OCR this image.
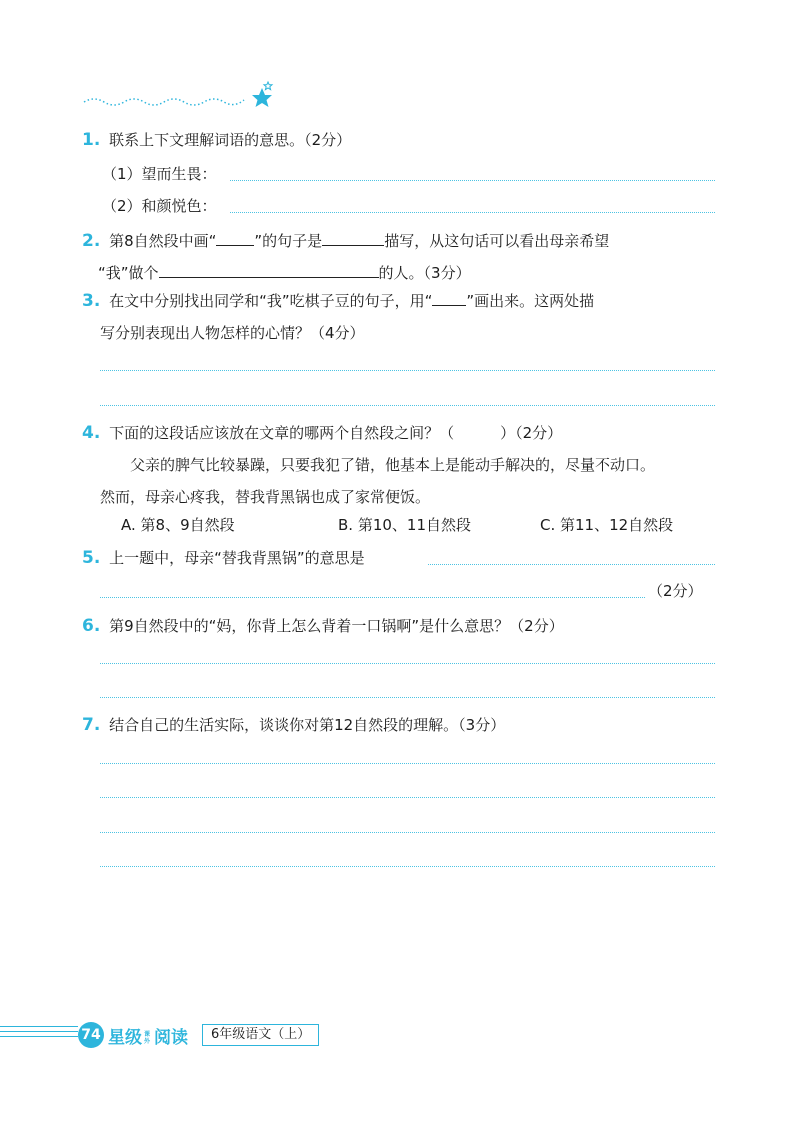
1. 联系上下文理解词语的意思。（2分）
（1）望而生畏：
（2）和颜悦色：
2. 第8自然段中画“	”的句子是	描写，从这句话可以看出母亲希望
“我”做个	的人。（3分）
3. 在文中分别找出同学和“我”吃棋子豆的句子，用“ ”画出来。这两处描
写分别表现出人物怎样的心情？（4分）
4. 下面的这段话应该放在文章的哪两个自然段之间？（	）（2分）
父亲的脾气比较暴躁，只要我犯了错，他基本上是能动手解决的，尽量不动口。
然而，母亲心疼我，替我背黑锅也成了家常便饭。
A. 第8、9自然段	B. 第10、11自然段	C. 第11、12自然段
5. 上一题中，母亲“替我背黑锅”的意思是
（2分）
6. 第9自然段中的“妈，你背上怎么背着一口锅啊”是什么意思？（2分）
7. 结合自己的生活实际，谈谈你对第12自然段的理解。（3分）
74 星级 课外 阅读	6年级语文（上）
